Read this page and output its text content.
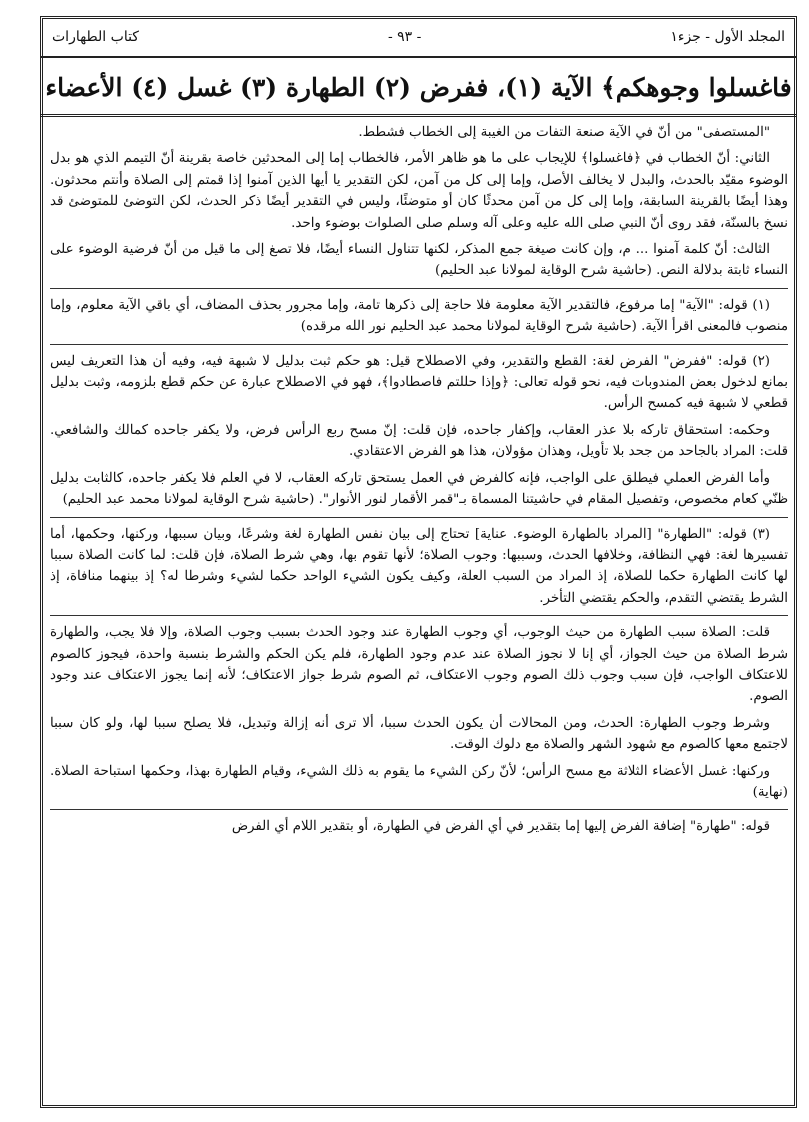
المجلد الأول - جزء١
- ٩٣ -
كتاب الطهارات
فاغسلوا وجوهكم﴾ الآية (١)، ففرض (٢) الطهارة (٣) غسل (٤) الأعضاء

"المستصفى" من أنّ في الآية صنعة التفات من الغيبة إلى الخطاب فشطط.

الثاني: أنّ الخطاب في ﴿فاغسلوا﴾ للإيجاب على ما هو ظاهر الأمر، فالخطاب إما إلى المحدثين خاصة بقرينة أنّ التيمم الذي هو بدل الوضوء مقيّد بالحدث، والبدل لا يخالف الأصل، وإما إلى كل من آمن، لكن التقدير يا أيها الذين آمنوا إذا قمتم إلى الصلاة وأنتم محدثون. وهذا أيضًا بالقرينة السابقة، وإما إلى كل من آمن محدثًا كان أو متوضئًا، وليس في التقدير أيضًا ذكر الحدث، لكن التوضئ للمتوضئ قد نسخ بالسنّة، فقد روى أنّ النبي صلى الله عليه وعلى آله وسلم صلى الصلوات بوضوء واحد.

الثالث: أنّ كلمة آمنوا ... م، وإن كانت صيغة جمع المذكر، لكنها تتناول النساء أيضًا، فلا تصغ إلى ما قيل من أنّ فرضية الوضوء على النساء ثابتة بدلالة النص. (حاشية شرح الوقاية لمولانا عبد الحليم)

(١) قوله: "الآية" إما مرفوع، فالتقدير الآية معلومة فلا حاجة إلى ذكرها تامة، وإما مجرور بحذف المضاف، أي باقي الآية معلوم، وإما منصوب فالمعنى اقرأ الآية. (حاشية شرح الوقاية لمولانا محمد عبد الحليم نور الله مرقده)

(٢) قوله: "ففرض" الفرض لغة: القطع والتقدير، وفي الاصطلاح قيل: هو حكم ثبت بدليل لا شبهة فيه، وفيه أن هذا التعريف ليس بمانع لدخول بعض المندوبات فيه، نحو قوله تعالى: ﴿وإذا حللتم فاصطادوا﴾، فهو في الاصطلاح عبارة عن حكم قطع بلزومه، وثبت بدليل قطعي لا شبهة فيه كمسح الرأس.

وحكمه: استحقاق تاركه بلا عذر العقاب، وإكفار جاحده، فإن قلت: إنّ مسح ربع الرأس فرض، ولا يكفر جاحده كمالك والشافعي. قلت: المراد بالجاحد من جحد بلا تأويل، وهذان مؤولان، هذا هو الفرض الاعتقادي.

وأما الفرض العملي فيطلق على الواجب، فإنه كالفرض في العمل يستحق تاركه العقاب، لا في العلم فلا يكفر جاحده، كالثابت بدليل ظنّي كعام مخصوص، وتفصيل المقام في حاشيتنا المسماة بـ"قمر الأقمار لنور الأنوار". (حاشية شرح الوقاية لمولانا محمد عبد الحليم)

(٣) قوله: "الطهارة" [المراد بالطهارة الوضوء. عناية] تحتاج إلى بيان نفس الطهارة لغة وشرعًا، وبيان سببها، وركنها، وحكمها، أما تفسيرها لغة: فهي النظافة، وخلافها الحدث، وسببها: وجوب الصلاة؛ لأنها تقوم بها، وهي شرط الصلاة، فإن قلت: لما كانت الصلاة سببا لها كانت الطهارة حكما للصلاة، إذ المراد من السبب العلة، وكيف يكون الشيء الواحد حكما لشيء وشرطا له؟ إذ بينهما منافاة، إذ الشرط يقتضي التقدم، والحكم يقتضي التأخر.

قلت: الصلاة سبب الطهارة من حيث الوجوب، أي وجوب الطهارة عند وجود الحدث بسبب وجوب الصلاة، وإلا فلا يجب، والطهارة شرط الصلاة من حيث الجواز، أي إنا لا نجوز الصلاة عند عدم وجود الطهارة، فلم يكن الحكم والشرط بنسبة واحدة، فيجوز كالصوم للاعتكاف الواجب، فإن سبب وجوب ذلك الصوم وجوب الاعتكاف، ثم الصوم شرط جواز الاعتكاف؛ لأنه إنما يجوز الاعتكاف عند وجود الصوم.

وشرط وجوب الطهارة: الحدث، ومن المحالات أن يكون الحدث سببا، ألا ترى أنه إزالة وتبديل، فلا يصلح سببا لها، ولو كان سببا لاجتمع معها كالصوم مع شهود الشهر والصلاة مع دلوك الوقت.

وركنها: غسل الأعضاء الثلاثة مع مسح الرأس؛ لأنّ ركن الشيء ما يقوم به ذلك الشيء، وقيام الطهارة بهذا، وحكمها استباحة الصلاة. (نهاية)

قوله: "طهارة" إضافة الفرض إليها إما بتقدير في أي الفرض في الطهارة، أو بتقدير اللام أي الفرض
